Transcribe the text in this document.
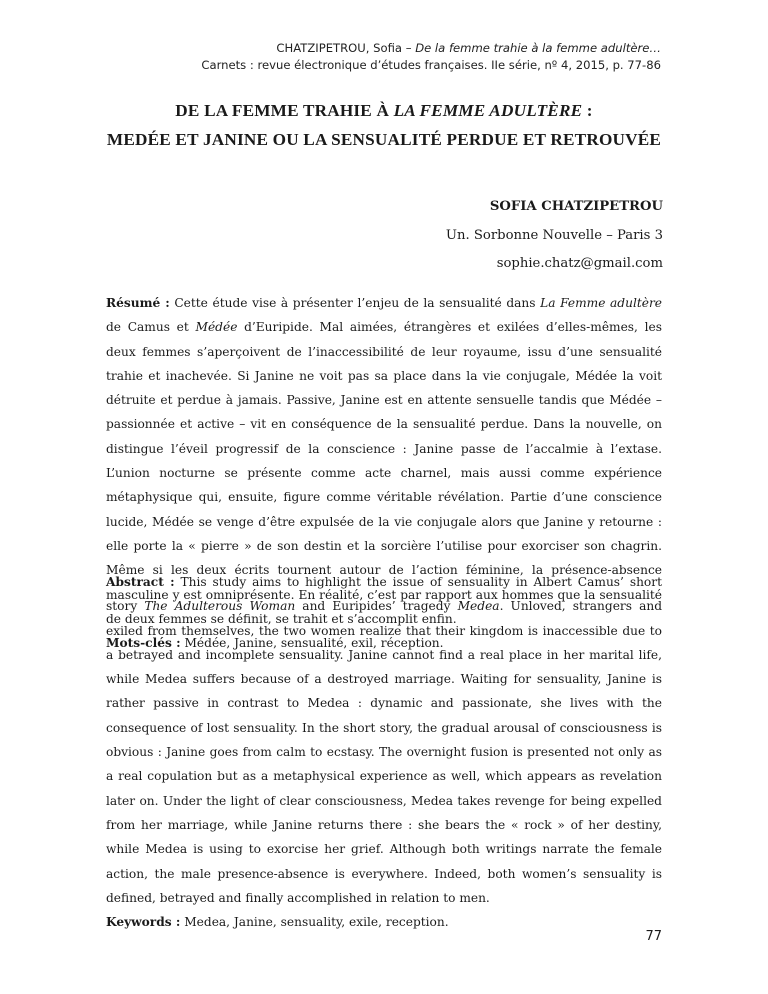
CHATZIPETROU, Sofia – De la femme trahie à la femme adultère…
Carnets : revue électronique d’études françaises. IIe série, nº 4, 2015, p. 77-86
DE LA FEMME TRAHIE À LA FEMME ADULTÈRE :
MEDÉE ET JANINE OU LA SENSUALITÉ PERDUE ET RETROUVÉE
SOFIA CHATZIPETROU
Un. Sorbonne Nouvelle – Paris 3
sophie.chatz@gmail.com

Résumé : Cette étude vise à présenter l’enjeu de la sensualité dans La Femme adultère de Camus et Médée d’Euripide. Mal aimées, étrangères et exilées d’elles-mêmes, les deux femmes s’aperçoivent de l’inaccessibilité de leur royaume, issu d’une sensualité trahie et inachevée. Si Janine ne voit pas sa place dans la vie conjugale, Médée la voit détruite et perdue à jamais. Passive, Janine est en attente sensuelle tandis que Médée – passionnée et active – vit en conséquence de la sensualité perdue. Dans la nouvelle, on distingue l’éveil progressif de la conscience : Janine passe de l’accalmie à l’extase. L’union nocturne se présente comme acte charnel, mais aussi comme expérience métaphysique qui, ensuite, figure comme véritable révélation. Partie d’une conscience lucide, Médée se venge d’être expulsée de la vie conjugale alors que Janine y retourne : elle porte la « pierre » de son destin et la sorcière l’utilise pour exorciser son chagrin. Même si les deux écrits tournent autour de l’action féminine, la présence-absence masculine y est omniprésente. En réalité, c’est par rapport aux hommes que la sensualité de deux femmes se définit, se trahit et s’accomplit enfin.

Mots-clés : Médée, Janine, sensualité, exil, réception.

Abstract : This study aims to highlight the issue of sensuality in Albert Camus’ short story The Adulterous Woman and Euripides’ tragedy Medea. Unloved, strangers and exiled from themselves, the two women realize that their kingdom is inaccessible due to a betrayed and incomplete sensuality. Janine cannot find a real place in her marital life, while Medea suffers because of a destroyed marriage. Waiting for sensuality, Janine is rather passive in contrast to Medea : dynamic and passionate, she lives with the consequence of lost sensuality. In the short story, the gradual arousal of consciousness is obvious : Janine goes from calm to ecstasy. The overnight fusion is presented not only as a real copulation but as a metaphysical experience as well, which appears as revelation later on. Under the light of clear consciousness, Medea takes revenge for being expelled from her marriage, while Janine returns there : she bears the « rock » of her destiny, while Medea is using to exorcise her grief. Although both writings narrate the female action, the male presence-absence is everywhere. Indeed, both women’s sensuality is defined, betrayed and finally accomplished in relation to men.

Keywords : Medea, Janine, sensuality, exile, reception.

77
